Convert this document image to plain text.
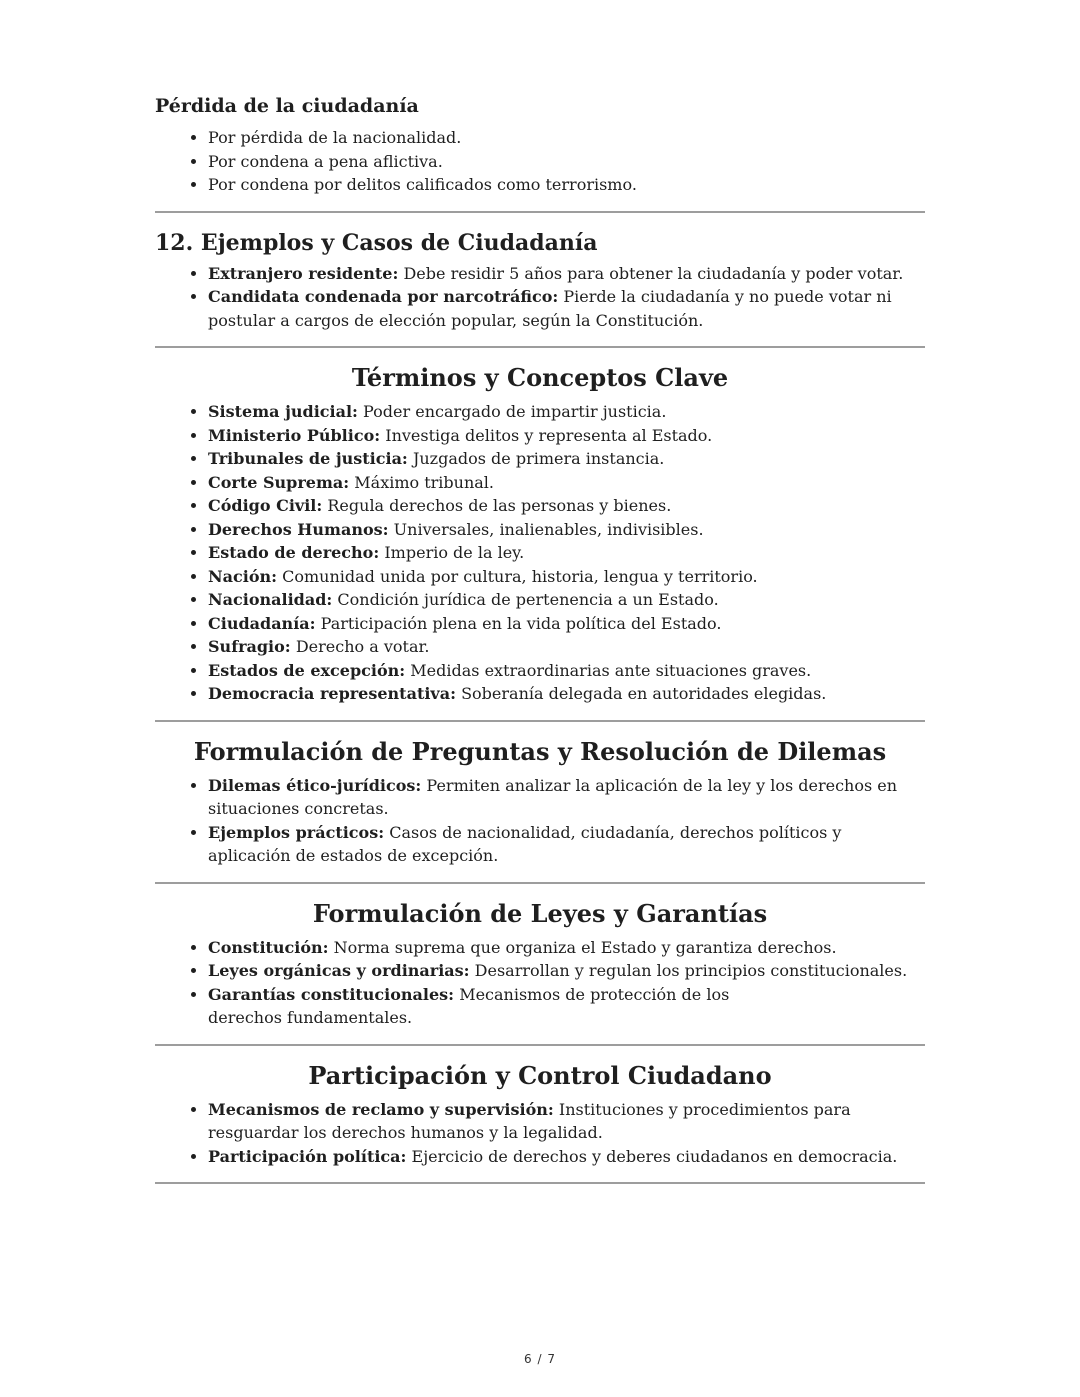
Pérdida de la ciudadanía
• Por pérdida de la nacionalidad.
• Por condena a pena aflictiva.
• Por condena por delitos calificados como terrorismo.
12. Ejemplos y Casos de Ciudadanía
• Extranjero residente: Debe residir 5 años para obtener la ciudadanía y poder votar.
• Candidata condenada por narcotráfico: Pierde la ciudadanía y no puede votar ni postular a cargos de elección popular, según la Constitución.
Términos y Conceptos Clave
• Sistema judicial: Poder encargado de impartir justicia.
• Ministerio Público: Investiga delitos y representa al Estado.
• Tribunales de justicia: Juzgados de primera instancia.
• Corte Suprema: Máximo tribunal.
• Código Civil: Regula derechos de las personas y bienes.
• Derechos Humanos: Universales, inalienables, indivisibles.
• Estado de derecho: Imperio de la ley.
• Nación: Comunidad unida por cultura, historia, lengua y territorio.
• Nacionalidad: Condición jurídica de pertenencia a un Estado.
• Ciudadanía: Participación plena en la vida política del Estado.
• Sufragio: Derecho a votar.
• Estados de excepción: Medidas extraordinarias ante situaciones graves.
• Democracia representativa: Soberanía delegada en autoridades elegidas.
Formulación de Preguntas y Resolución de Dilemas
• Dilemas ético-jurídicos: Permiten analizar la aplicación de la ley y los derechos en situaciones concretas.
• Ejemplos prácticos: Casos de nacionalidad, ciudadanía, derechos políticos y aplicación de estados de excepción.
Formulación de Leyes y Garantías
• Constitución: Norma suprema que organiza el Estado y garantiza derechos.
• Leyes orgánicas y ordinarias: Desarrollan y regulan los principios constitucionales.
• Garantías constitucionales: Mecanismos de protección de los derechos fundamentales.
Participación y Control Ciudadano
• Mecanismos de reclamo y supervisión: Instituciones y procedimientos para resguardar los derechos humanos y la legalidad.
• Participación política: Ejercicio de derechos y deberes ciudadanos en democracia.
6 / 7
